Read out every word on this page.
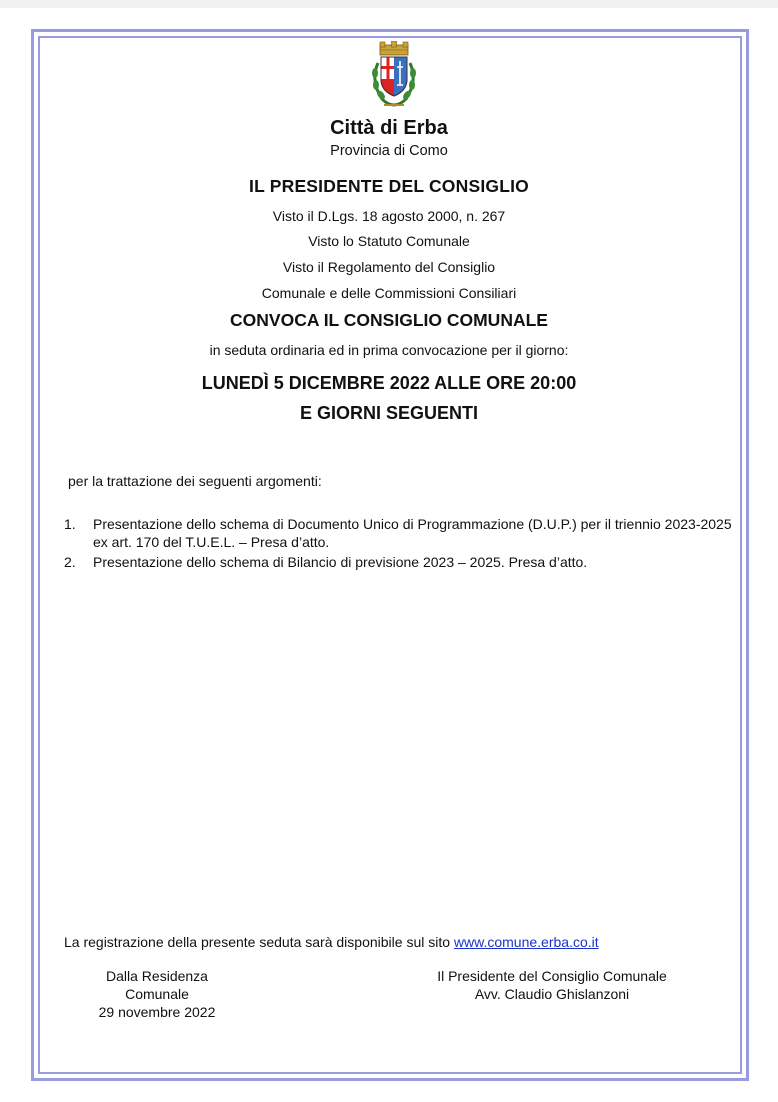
Città di Erba
Provincia di Como
IL PRESIDENTE DEL CONSIGLIO
Visto il D.Lgs. 18 agosto 2000, n. 267
Visto lo Statuto Comunale
Visto il Regolamento del Consiglio
Comunale e delle Commissioni Consiliari
CONVOCA IL CONSIGLIO COMUNALE
in seduta ordinaria ed in prima convocazione per il giorno:
LUNEDÌ 5 DICEMBRE 2022 ALLE ORE 20:00
E GIORNI SEGUENTI
per la trattazione dei seguenti argomenti:
1. Presentazione dello schema di Documento Unico di Programmazione (D.U.P.) per il triennio 2023-2025 ex art. 170 del T.U.E.L. – Presa d’atto.
2. Presentazione dello schema di Bilancio di previsione 2023 – 2025. Presa d’atto.
La registrazione della presente seduta sarà disponibile sul sito www.comune.erba.co.it
Dalla Residenza Comunale
29 novembre 2022
Il Presidente del Consiglio Comunale
Avv. Claudio Ghislanzoni
